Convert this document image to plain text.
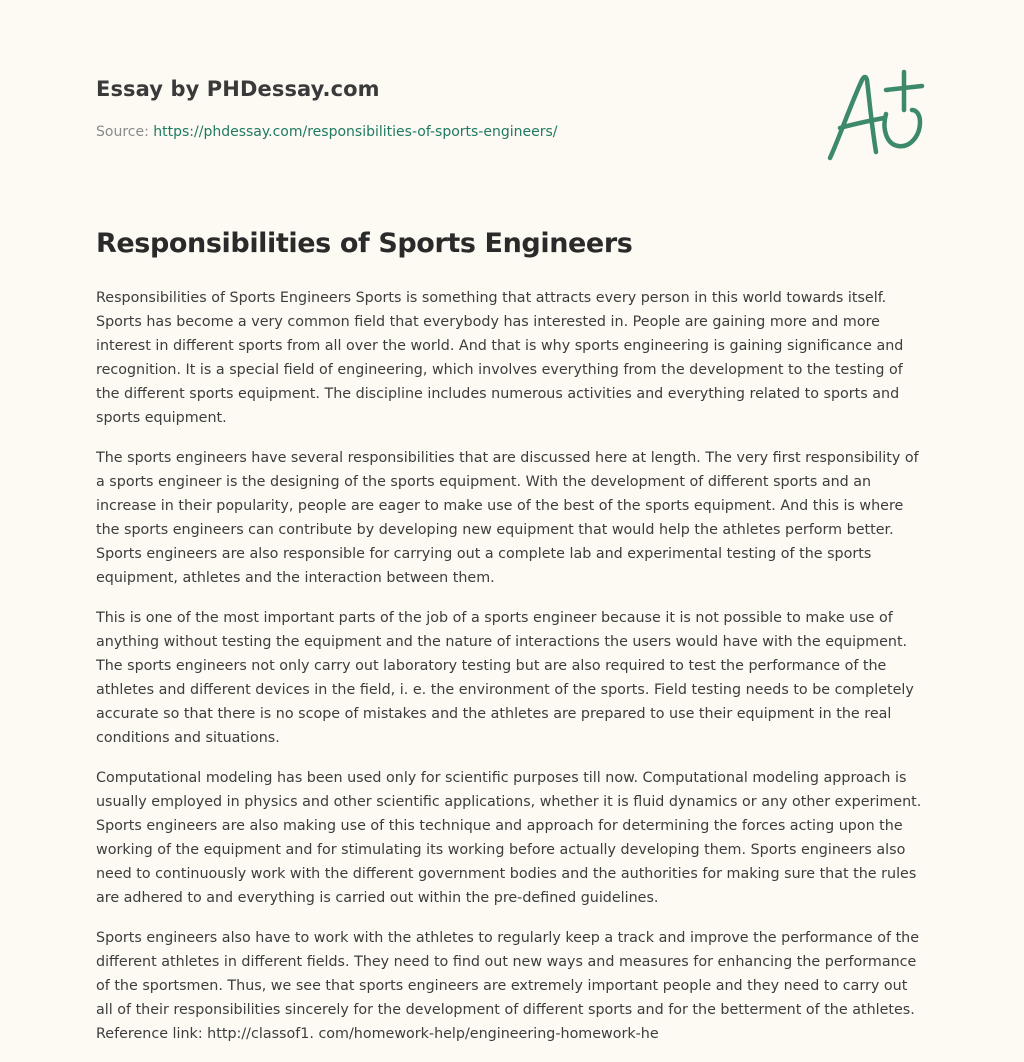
Essay by PHDessay.com
Source: https://phdessay.com/responsibilities-of-sports-engineers/
Responsibilities of Sports Engineers

Responsibilities of Sports Engineers Sports is something that attracts every person in this world towards itself. Sports has become a very common field that everybody has interested in. People are gaining more and more interest in different sports from all over the world. And that is why sports engineering is gaining significance and recognition. It is a special field of engineering, which involves everything from the development to the testing of the different sports equipment. The discipline includes numerous activities and everything related to sports and sports equipment.

The sports engineers have several responsibilities that are discussed here at length. The very first responsibility of a sports engineer is the designing of the sports equipment. With the development of different sports and an increase in their popularity, people are eager to make use of the best of the sports equipment. And this is where the sports engineers can contribute by developing new equipment that would help the athletes perform better. Sports engineers are also responsible for carrying out a complete lab and experimental testing of the sports equipment, athletes and the interaction between them.

This is one of the most important parts of the job of a sports engineer because it is not possible to make use of anything without testing the equipment and the nature of interactions the users would have with the equipment. The sports engineers not only carry out laboratory testing but are also required to test the performance of the athletes and different devices in the field, i. e. the environment of the sports. Field testing needs to be completely accurate so that there is no scope of mistakes and the athletes are prepared to use their equipment in the real conditions and situations.

Computational modeling has been used only for scientific purposes till now. Computational modeling approach is usually employed in physics and other scientific applications, whether it is fluid dynamics or any other experiment. Sports engineers are also making use of this technique and approach for determining the forces acting upon the working of the equipment and for stimulating its working before actually developing them. Sports engineers also need to continuously work with the different government bodies and the authorities for making sure that the rules are adhered to and everything is carried out within the pre-defined guidelines.

Sports engineers also have to work with the athletes to regularly keep a track and improve the performance of the different athletes in different fields. They need to find out new ways and measures for enhancing the performance of the sportsmen. Thus, we see that sports engineers are extremely important people and they need to carry out all of their responsibilities sincerely for the development of different sports and for the betterment of the athletes. Reference link: http://classof1. com/homework-help/engineering-homework-he
